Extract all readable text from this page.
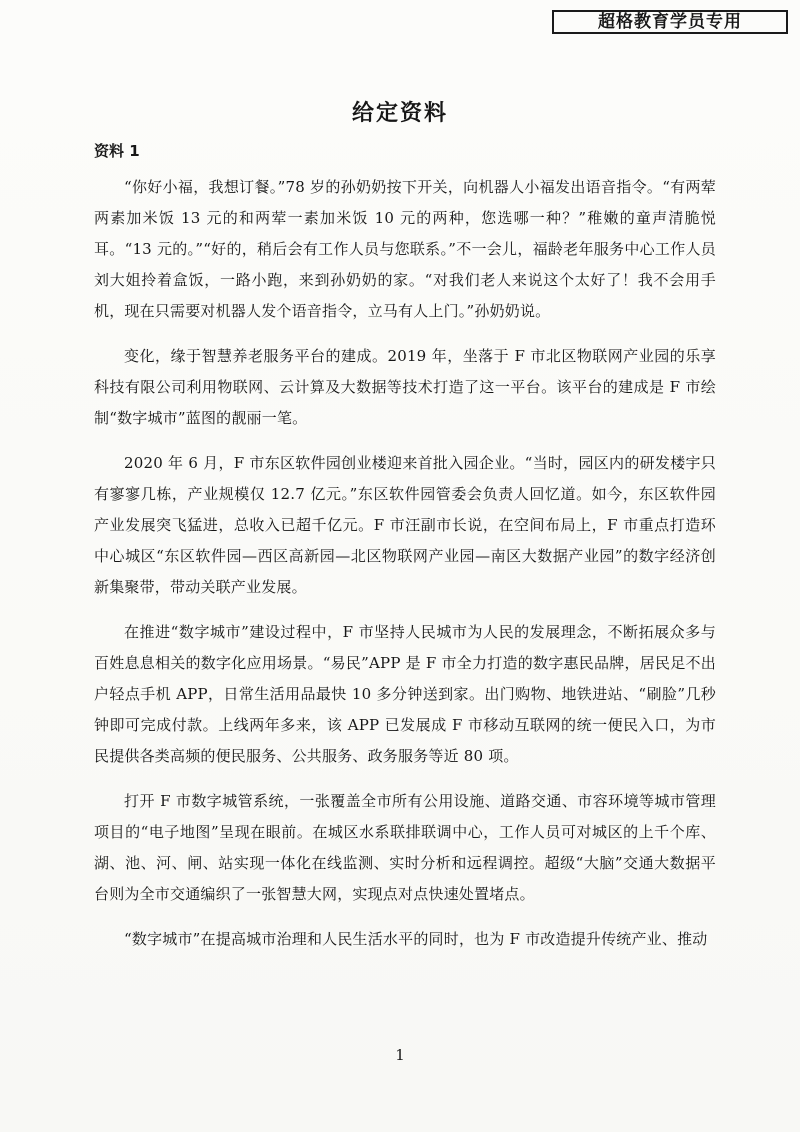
超格教育学员专用
给定资料
资料 1

“你好小福，我想订餐。”78 岁的孙奶奶按下开关，向机器人小福发出语音指令。“有两荤两素加米饭 13 元的和两荤一素加米饭 10 元的两种，您选哪一种？”稚嫩的童声清脆悦耳。“13 元的。”“好的，稍后会有工作人员与您联系。”不一会儿，福龄老年服务中心工作人员刘大姐拎着盒饭，一路小跑，来到孙奶奶的家。“对我们老人来说这个太好了！我不会用手机，现在只需要对机器人发个语音指令，立马有人上门。”孙奶奶说。

变化，缘于智慧养老服务平台的建成。2019 年，坐落于 F 市北区物联网产业园的乐享科技有限公司利用物联网、云计算及大数据等技术打造了这一平台。该平台的建成是 F 市绘制“数字城市”蓝图的靓丽一笔。

2020 年 6 月，F 市东区软件园创业楼迎来首批入园企业。“当时，园区内的研发楼宇只有寥寥几栋，产业规模仅 12.7 亿元。”东区软件园管委会负责人回忆道。如今，东区软件园产业发展突飞猛进，总收入已超千亿元。F 市汪副市长说，在空间布局上，F 市重点打造环中心城区“东区软件园—西区高新园—北区物联网产业园—南区大数据产业园”的数字经济创新集聚带，带动关联产业发展。

在推进“数字城市”建设过程中，F 市坚持人民城市为人民的发展理念，不断拓展众多与百姓息息相关的数字化应用场景。“易民”APP 是 F 市全力打造的数字惠民品牌，居民足不出户轻点手机 APP，日常生活用品最快 10 多分钟送到家。出门购物、地铁进站、“刷脸”几秒钟即可完成付款。上线两年多来，该 APP 已发展成 F 市移动互联网的统一便民入口，为市民提供各类高频的便民服务、公共服务、政务服务等近 80 项。

打开 F 市数字城管系统，一张覆盖全市所有公用设施、道路交通、市容环境等城市管理项目的“电子地图”呈现在眼前。在城区水系联排联调中心，工作人员可对城区的上千个库、湖、池、河、闸、站实现一体化在线监测、实时分析和远程调控。超级“大脑”交通大数据平台则为全市交通编织了一张智慧大网，实现点对点快速处置堵点。

“数字城市”在提高城市治理和人民生活水平的同时，也为 F 市改造提升传统产业、推动

1
